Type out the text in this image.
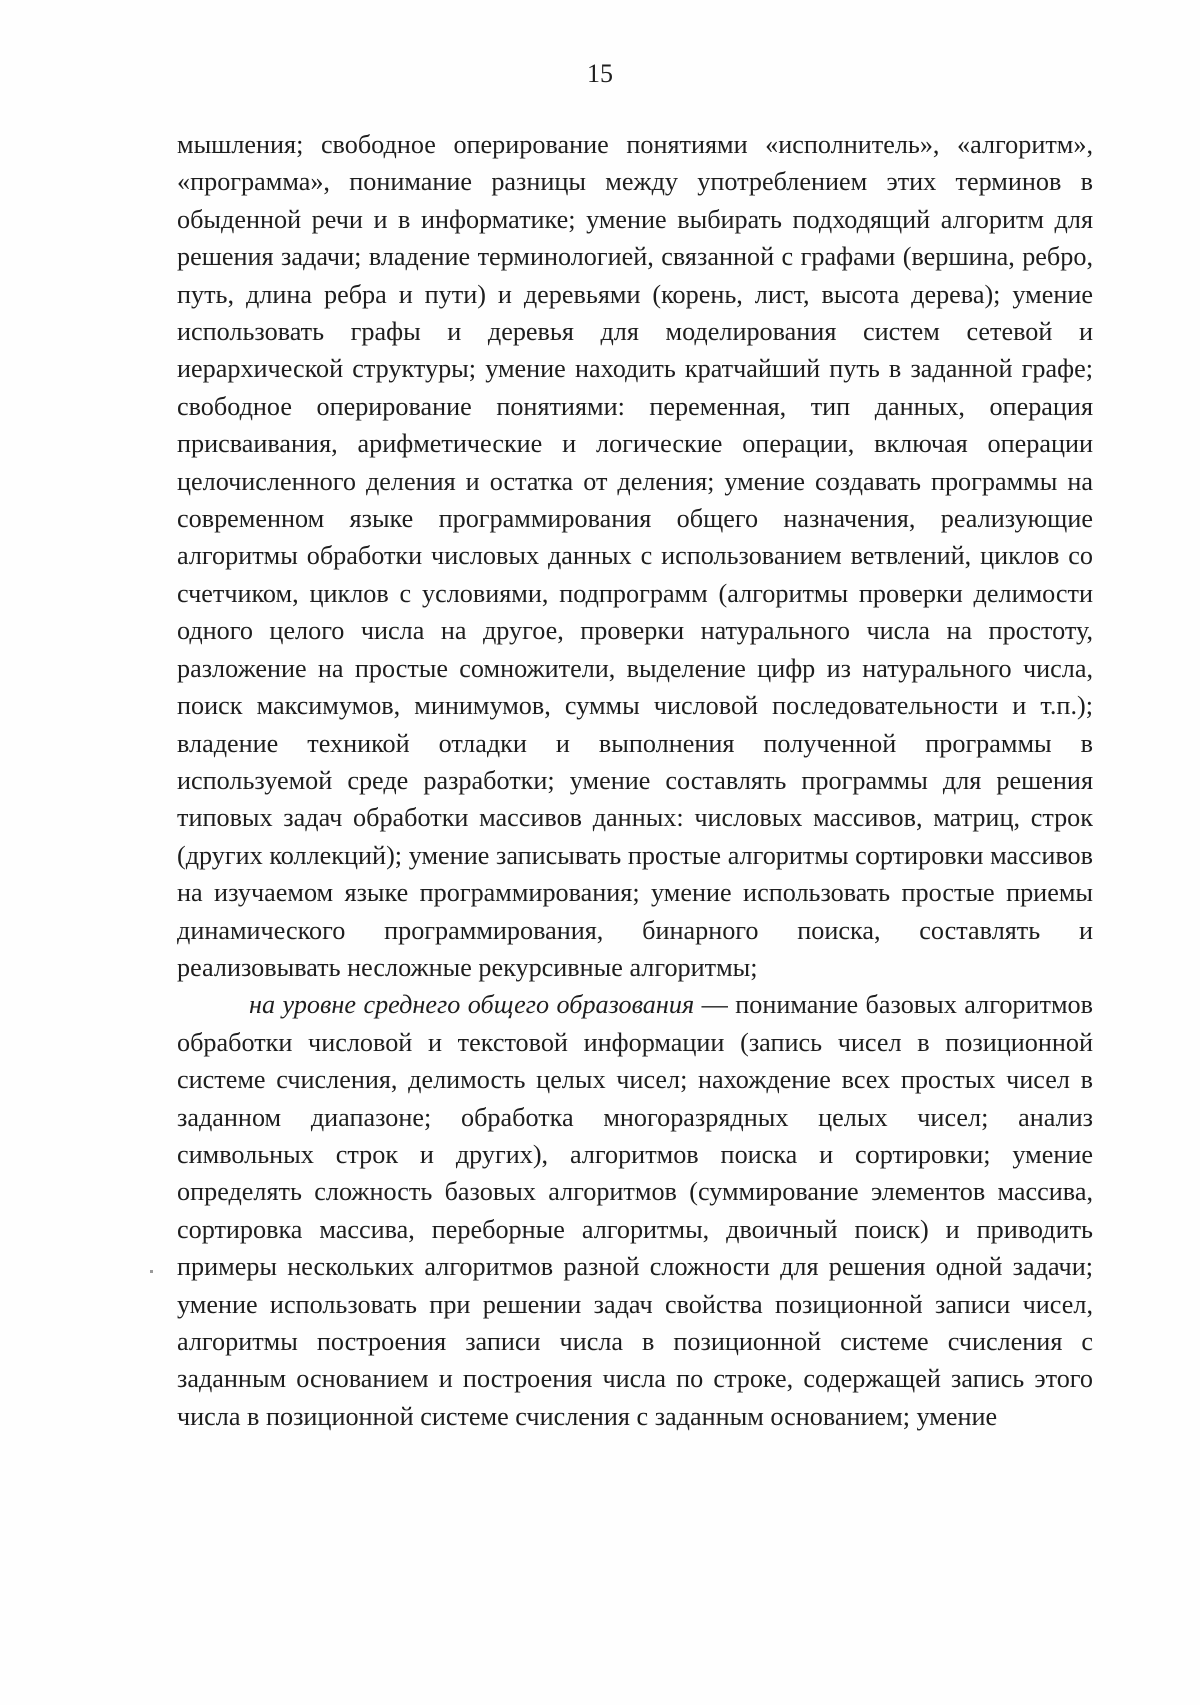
15

мышления; свободное оперирование понятиями «исполнитель», «алгоритм», «программа», понимание разницы между употреблением этих терминов в обыденной речи и в информатике; умение выбирать подходящий алгоритм для решения задачи; владение терминологией, связанной с графами (вершина, ребро, путь, длина ребра и пути) и деревьями (корень, лист, высота дерева); умение использовать графы и деревья для моделирования систем сетевой и иерархической структуры; умение находить кратчайший путь в заданной графе; свободное оперирование понятиями: переменная, тип данных, операция присваивания, арифметические и логические операции, включая операции целочисленного деления и остатка от деления; умение создавать программы на современном языке программирования общего назначения, реализующие алгоритмы обработки числовых данных с использованием ветвлений, циклов со счетчиком, циклов с условиями, подпрограмм (алгоритмы проверки делимости одного целого числа на другое, проверки натурального числа на простоту, разложение на простые сомножители, выделение цифр из натурального числа, поиск максимумов, минимумов, суммы числовой последовательности и т.п.); владение техникой отладки и выполнения полученной программы в используемой среде разработки; умение составлять программы для решения типовых задач обработки массивов данных: числовых массивов, матриц, строк (других коллекций); умение записывать простые алгоритмы сортировки массивов на изучаемом языке программирования; умение использовать простые приемы динамического программирования, бинарного поиска, составлять и реализовывать несложные рекурсивные алгоритмы;

на уровне среднего общего образования — понимание базовых алгоритмов обработки числовой и текстовой информации (запись чисел в позиционной системе счисления, делимость целых чисел; нахождение всех простых чисел в заданном диапазоне; обработка многоразрядных целых чисел; анализ символьных строк и других), алгоритмов поиска и сортировки; умение определять сложность базовых алгоритмов (суммирование элементов массива, сортировка массива, переборные алгоритмы, двоичный поиск) и приводить примеры нескольких алгоритмов разной сложности для решения одной задачи; умение использовать при решении задач свойства позиционной записи чисел, алгоритмы построения записи числа в позиционной системе счисления с заданным основанием и построения числа по строке, содержащей запись этого числа в позиционной системе счисления с заданным основанием; умение
